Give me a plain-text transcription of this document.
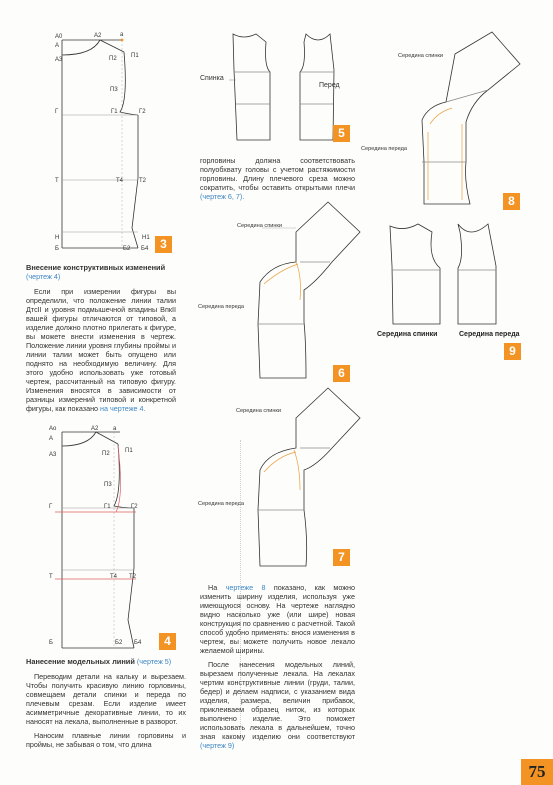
А0	А2	а
А
А3	П2 П1
П3
Г	Г1	Г2
Т	Т4	Т2
Н	Н1
Б	Б2 Б4
Ао	А2 а
А
А3	П2	П1
П3
Г	Г1	Г2
Т	Т4 Т2
Б	Б2 Б4
Спинка
Перед
Середина спинки
Середина переда
Середина спинки
Середина переда
Середина спинки
Середина переда
Середина спинки	Середина переда
3
4
5
6
7
8
9
Внесение конструктивных изменений (чертеж 4)

Если при измерении фигуры вы определили, что положение линии талии ДтсII и уровня подмышечной впадины ВпкII вашей фигуры отличаются от типовой, а изделие должно плотно прилегать к фигуре, вы можете внести изменения в чертеж. Положение линии уровня глубины проймы и линии талии может быть опущено или поднято на необходимую величину. Для этого удобно использовать уже готовый чертеж, рассчитанный на типовую фигуру. Изменения вносятся в зависимости от разницы измерений типовой и конкретной фигуры, как показано на чертеже 4.

Нанесение модельных линий (чертеж 5)

Переводим детали на кальку и вырезаем. Чтобы получить красивую линию горловины, совмещаем детали спинки и переда по плечевым срезам. Если изделие имеет асимметричные декоративные линии, то их наносят на лекала, выполненные в разворот.

Наносим плавные линии горловины и проймы, не забывая о том, что длина

горловины должна соответствовать полуобхвату головы с учетом растяжимости горловины. Длину плечевого среза можно сократить, чтобы оставить открытыми плечи (чертеж 6, 7).

На чертеже 8 показано, как можно изменить ширину изделия, используя уже имеющуюся основу. На чертеже наглядно видно насколько уже (или шире) новая конструкция по сравнению с расчетной. Такой способ удобно применять: внося изменения в чертеж, вы можете получить новое лекало желаемой ширины.

После нанесения модельных линий, вырезаем полученные лекала. На лекалах чертим конструктивные линии (груди, талии, бедер) и делаем надписи, с указанием вида изделия, размера, величин прибавок, приклеиваем образец ниток, из которых выполнено изделие. Это поможет использовать лекала в дальнейшем, точно зная какому изделию они соответствуют (чертеж 9)

75
